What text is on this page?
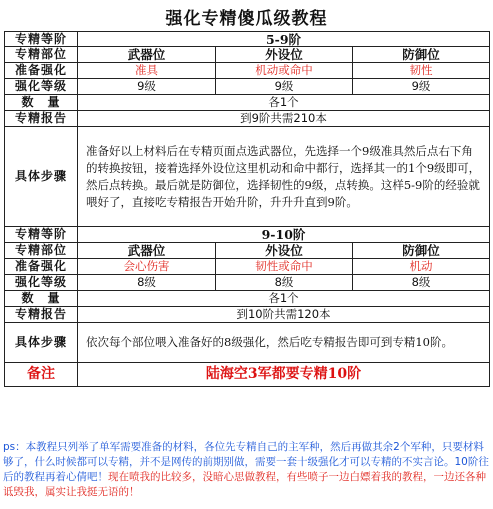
强化专精傻瓜级教程
专精等阶	5-9阶		
专精部位	武器位	外设位	防御位
准备强化	准具	机动或命中	韧性
强化等级	9级	9级	9级
数　量	各1个		
专精报告	到9阶共需210本		
具体步骤	准备好以上材料后在专精页面点选武器位，先选择一个9级准具然后点右下角的转换按钮，接着选择外设位这里机动和命中都行，选择其一的1个9级即可，然后点转换。最后就是防御位，选择韧性的9级，点转换。这样5-9阶的经验就喂好了，直接吃专精报告开始升阶，升升升直到9阶。		
专精等阶	9-10阶		
专精部位	武器位	外设位	防御位
准备强化	会心伤害	韧性或命中	机动
强化等级	8级	8级	8级
数　量	各1个		
专精报告	到10阶共需120本		
具体步骤	依次每个部位喂入准备好的8级强化，然后吃专精报告即可到专精10阶。		
备注	陆海空3军都要专精10阶		
ps：本教程只列举了单军需要准备的材料，各位先专精自己的主军种，然后再做其余2个军种，只要材料够了，什么时候都可以专精，并不是网传的前期别做，需要一套十级强化才可以专精的不实言论。10阶往后的教程再着心倩吧！现在喷我的比较多，没暗心思做教程，有些喷子一边白嫖着我的教程，一边还各种诋毁我，属实让我挺无语的！
